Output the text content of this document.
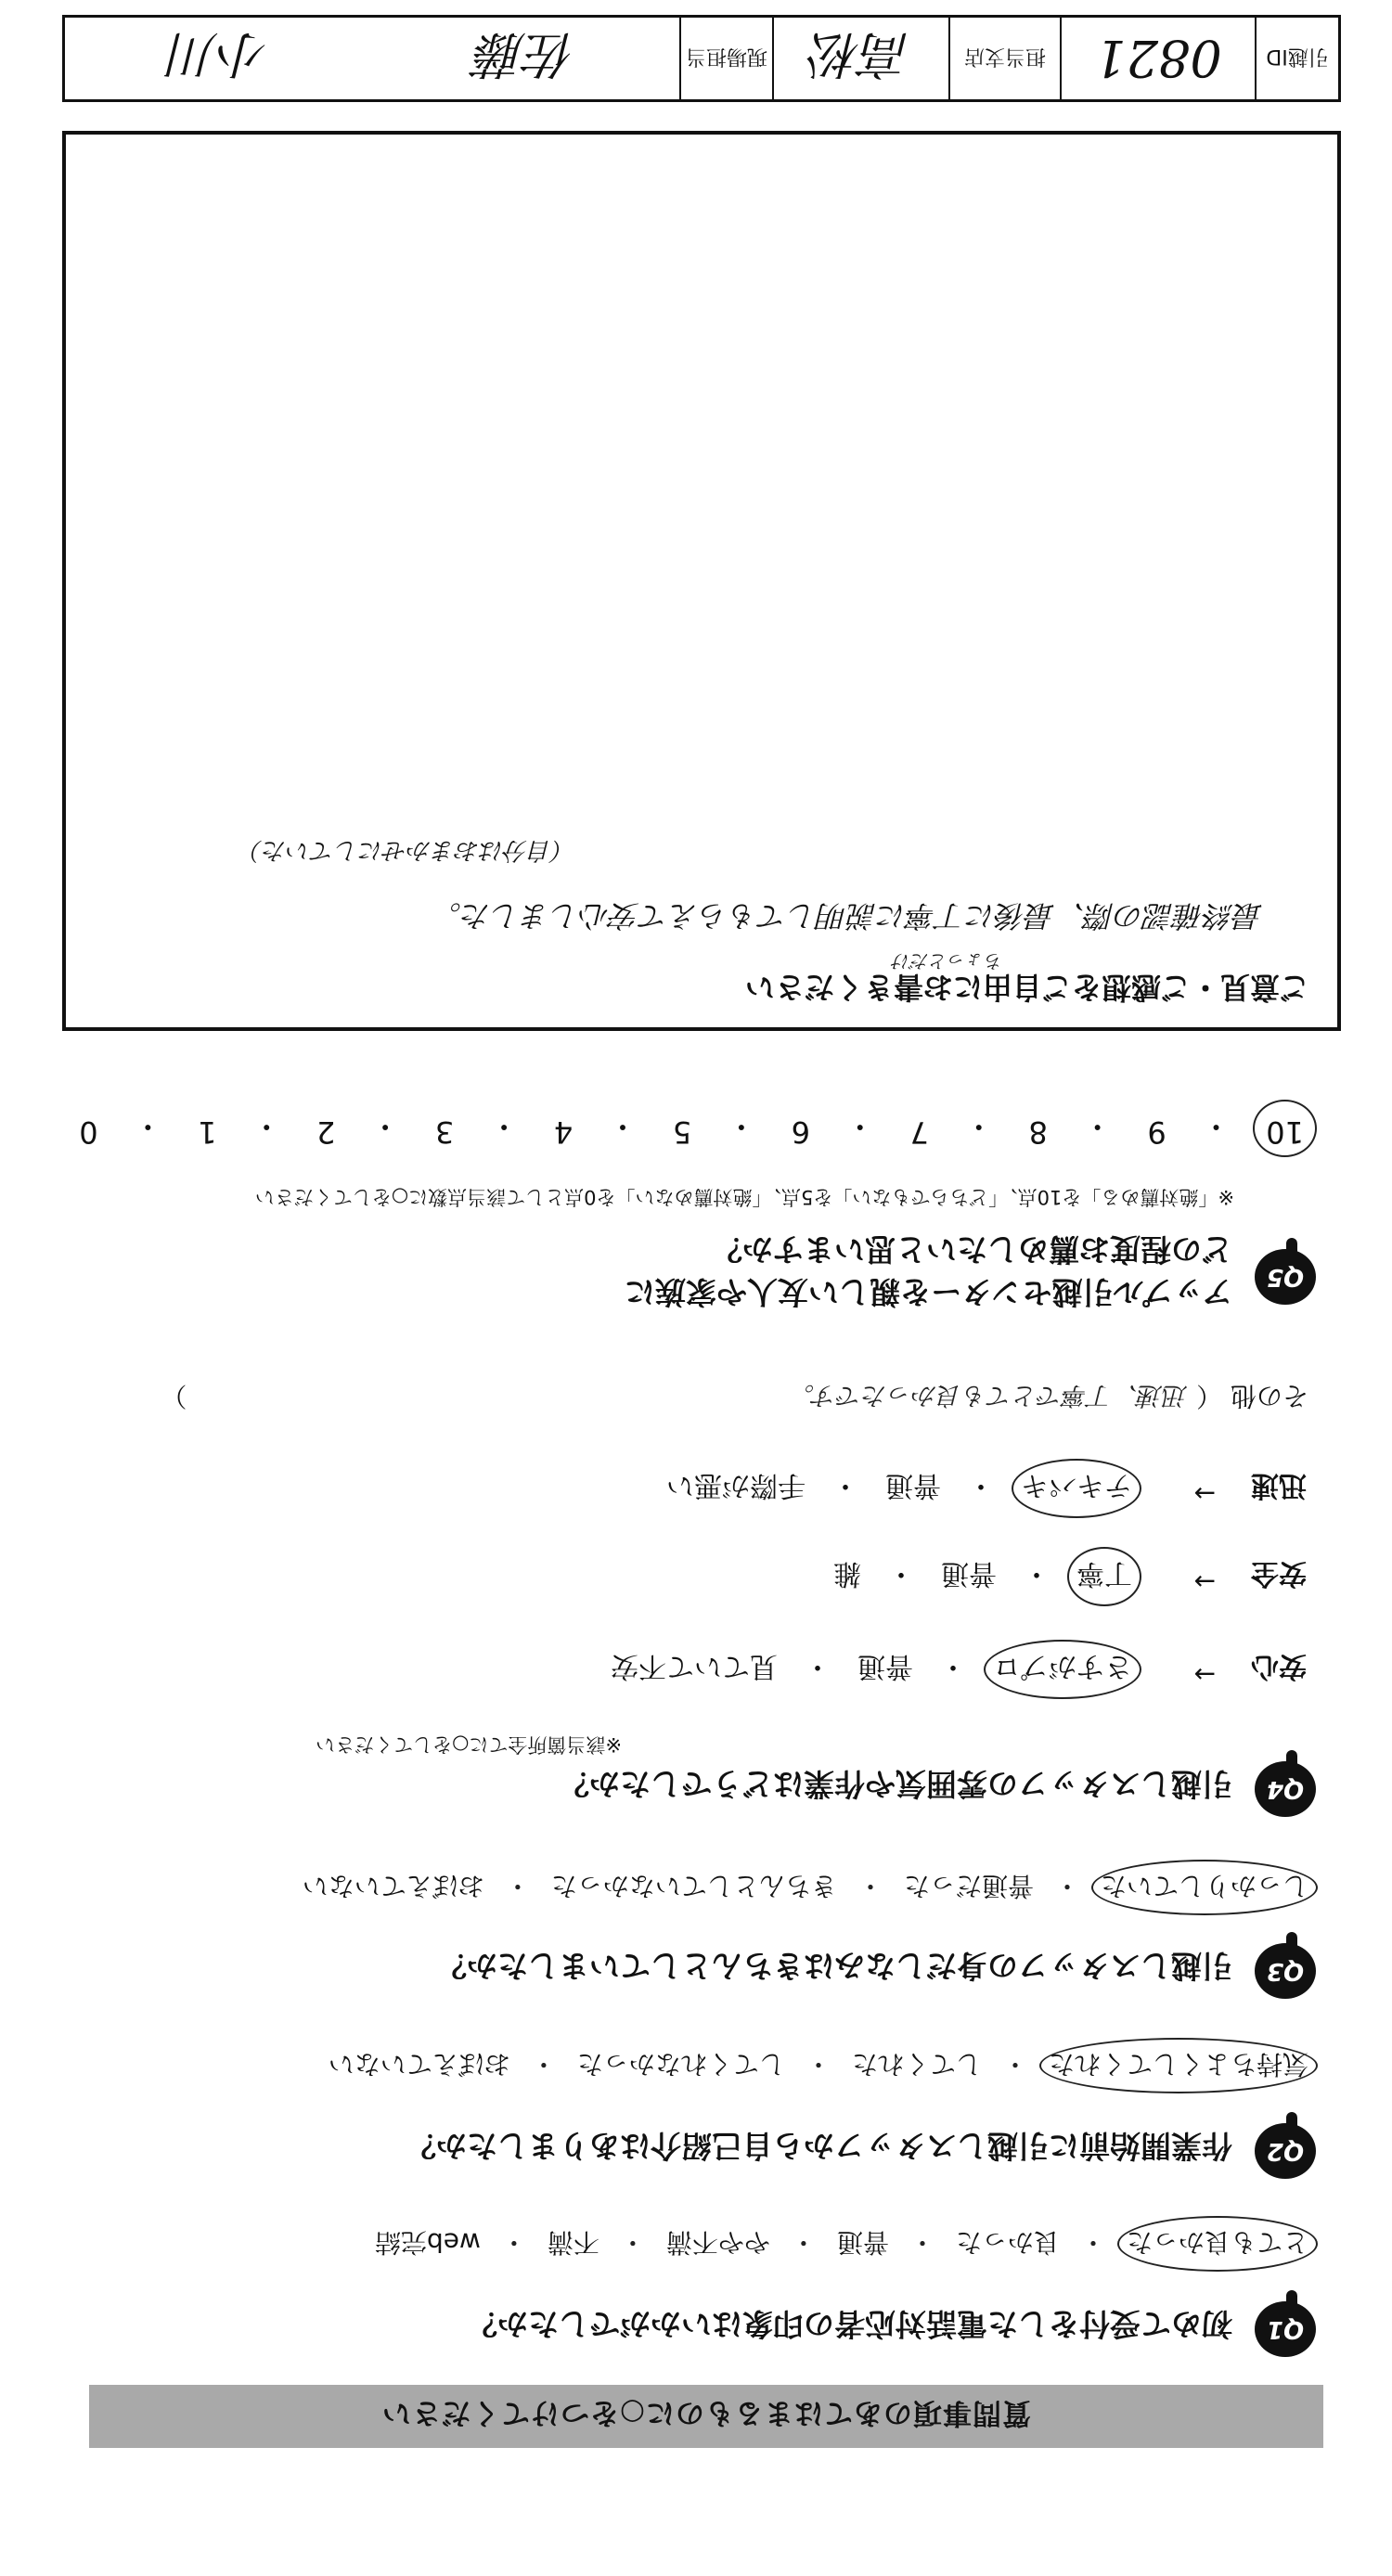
質問事項のあてはまるものに○をつけてください
Q1
初めて受付をした電話対応者の印象はいかがでしたか？
とても良かった
・
良かった
・
普通
・
やや不満
・
不満
・
web完結
Q2
作業開始前に引越しスタッフから自己紹介はありましたか？
気持ちよくしてくれた
・
してくれた
・
してくれなかった
・
おぼえていない
Q3
引越しスタッフの身だしなみはきちんとしていましたか？
しっかりしていた
・
普通だった
・
きちんとしていなかった
・
おぼえていない
Q4
引越しスタッフの雰囲気や作業はどうでしたか？
※該当箇所全てに○をしてください
安心
→
さすがプロ
・
普通
・
見ていて不安
安全
→
丁寧
・
普通
・
雑
迅速
→
テキパキ
・
普通
・
手際が悪い
その他 （ 迅速、丁寧でとても良かったです。 ）
Q5
アップル引越センターを親しい友人や家族に
どの程度お薦めしたいと思いますか？
※「絶対薦める」を10点、「どちらでもない」を5点、「絶対薦めない」を0点として該当点数に○をしてください
10
・
9
・
8
・
7
・
6
・
5
・
4
・
3
・
2
・
1
・
0
ご意見・ご感想をご自由にお書きください
ちょっとだけ
最終確認の際、最後に丁寧に説明してもらえて安心しました。
（自分はおまかせにしていた）
引越ID
0821
担当支店
高松
現場担当
佐藤
小川
